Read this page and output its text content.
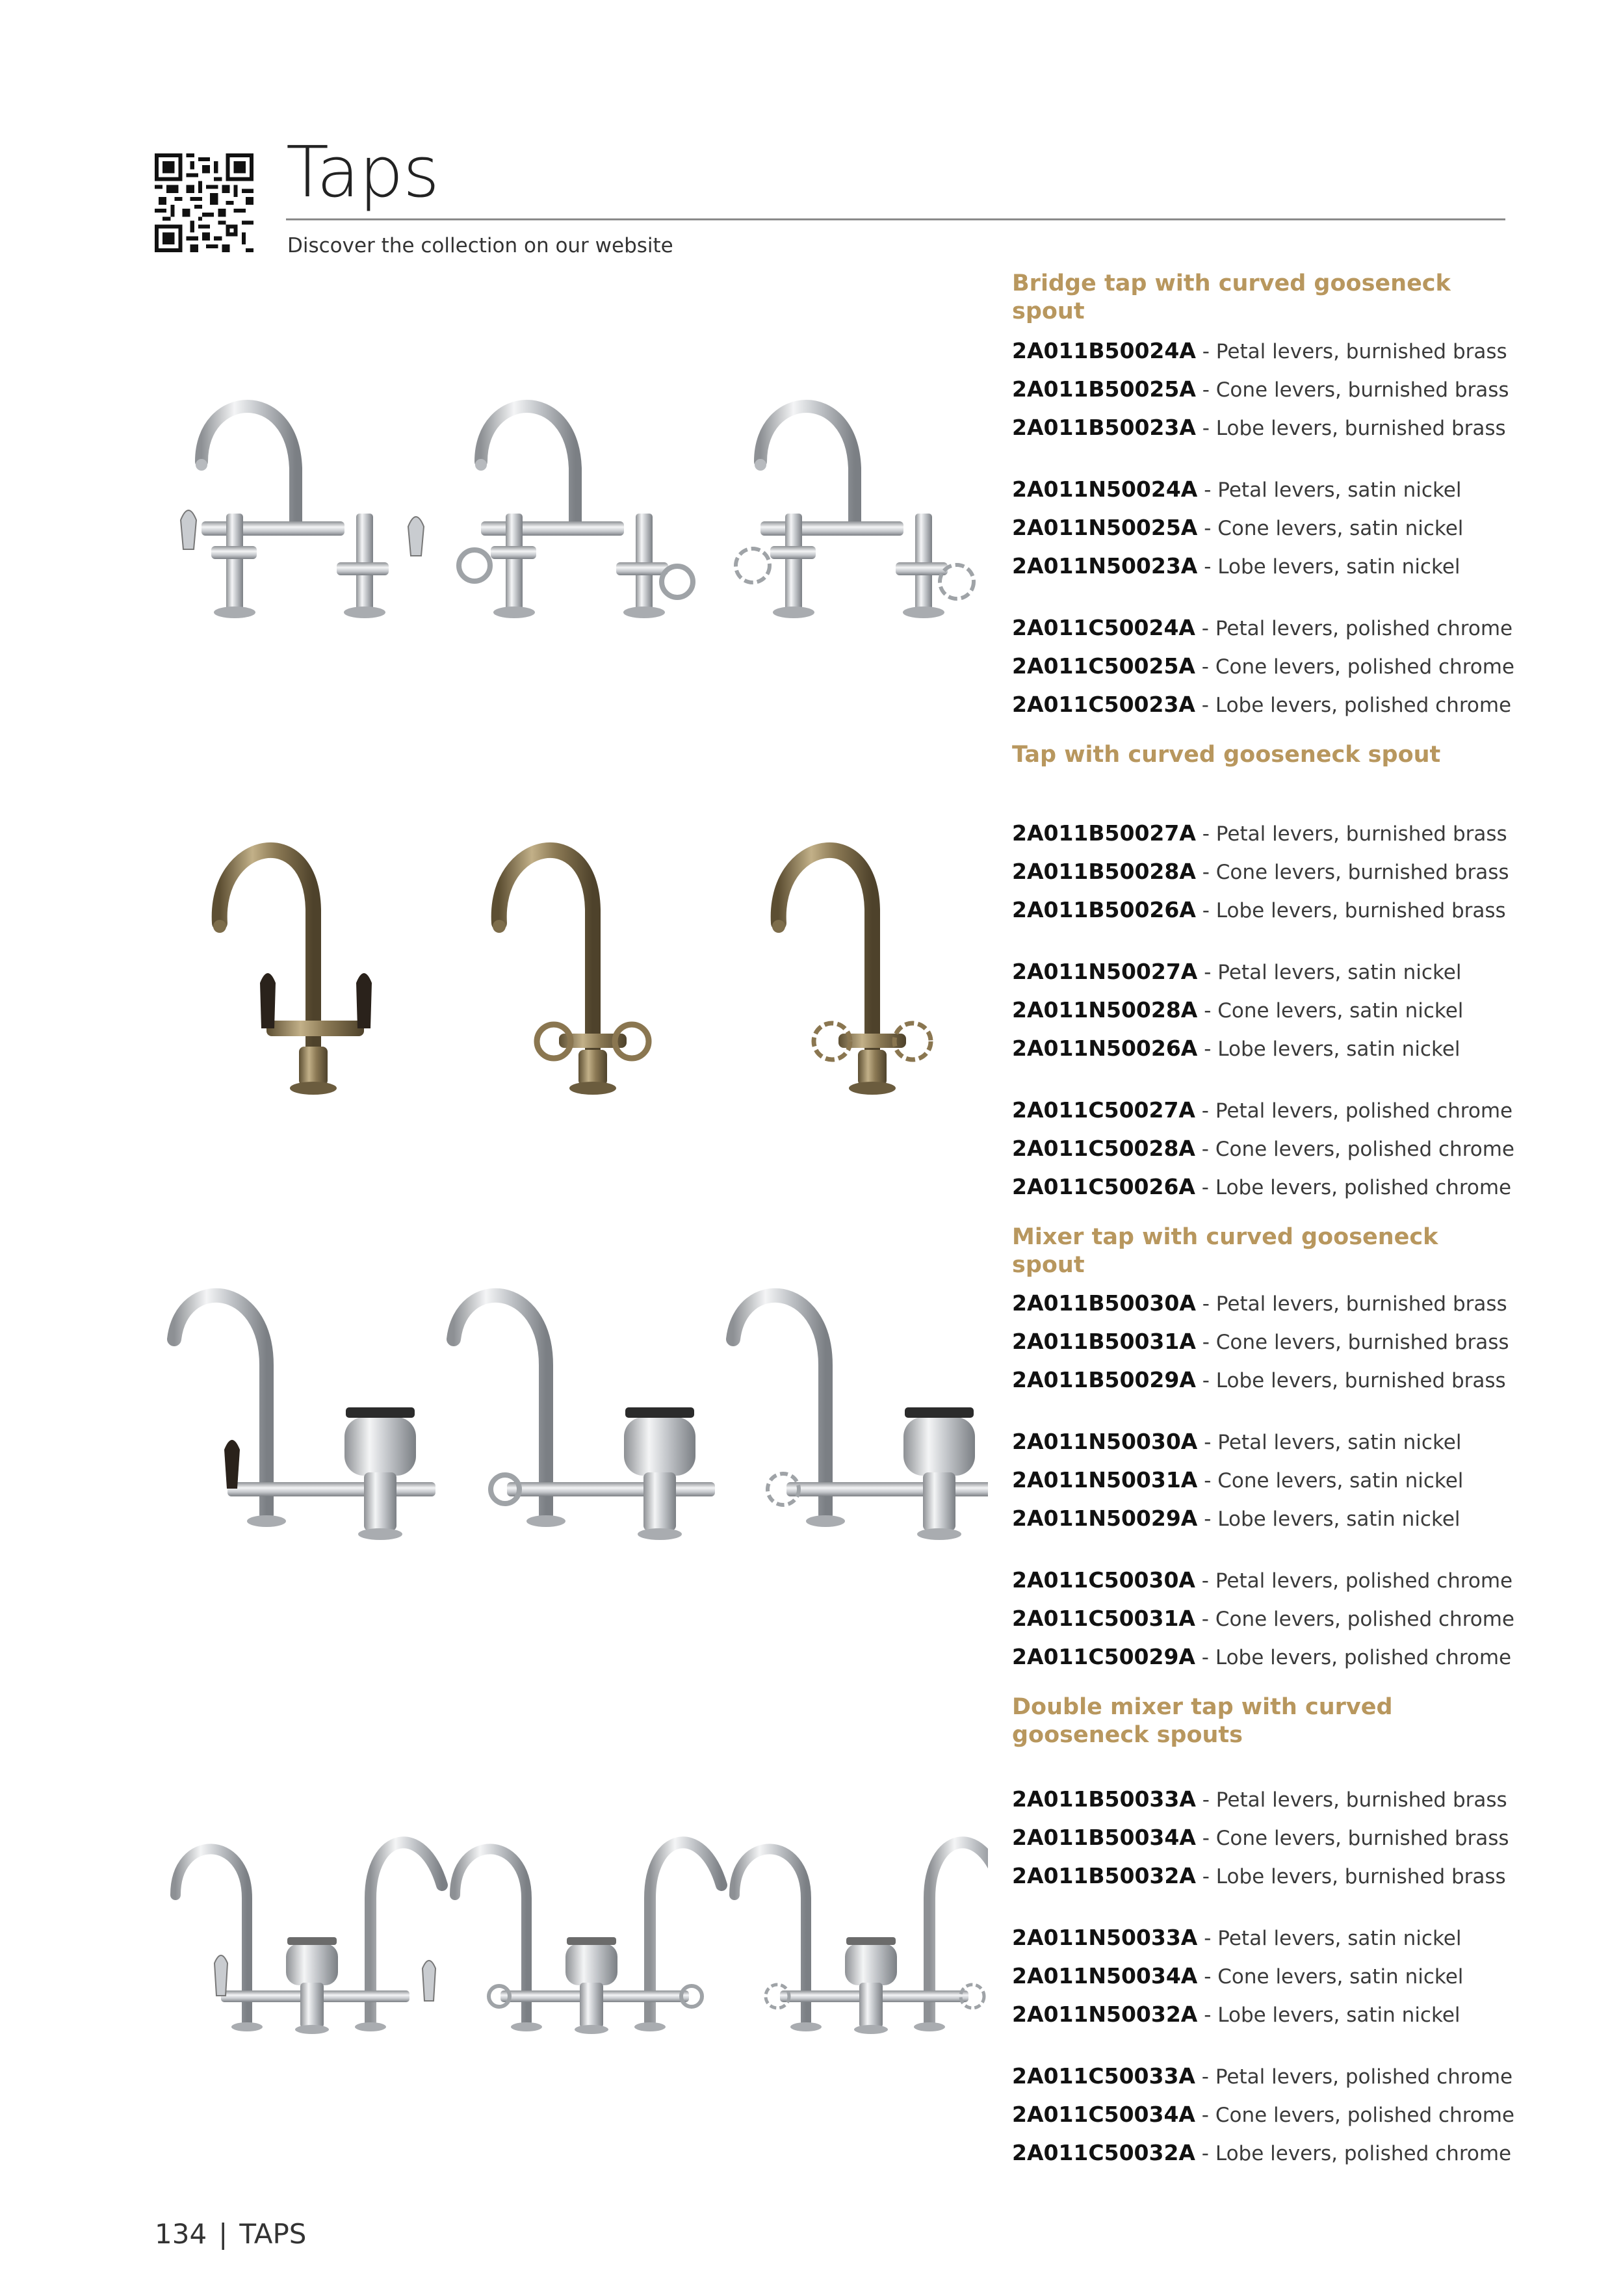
Taps
Discover the collection on our website
Bridge tap with curved gooseneck spout
2A011B50024A - Petal levers, burnished brass
2A011B50025A - Cone levers, burnished brass
2A011B50023A - Lobe levers, burnished brass
2A011N50024A - Petal levers, satin nickel
2A011N50025A - Cone levers, satin nickel
2A011N50023A - Lobe levers, satin nickel
2A011C50024A - Petal levers, polished chrome
2A011C50025A - Cone levers, polished chrome
2A011C50023A - Lobe levers, polished chrome
Tap with curved gooseneck spout
2A011B50027A - Petal levers, burnished brass
2A011B50028A - Cone levers, burnished brass
2A011B50026A - Lobe levers, burnished brass
2A011N50027A - Petal levers, satin nickel
2A011N50028A - Cone levers, satin nickel
2A011N50026A - Lobe levers, satin nickel
2A011C50027A - Petal levers, polished chrome
2A011C50028A - Cone levers, polished chrome
2A011C50026A - Lobe levers, polished chrome
Mixer tap with curved gooseneck spout
2A011B50030A - Petal levers, burnished brass
2A011B50031A - Cone levers, burnished brass
2A011B50029A - Lobe levers, burnished brass
2A011N50030A - Petal levers, satin nickel
2A011N50031A - Cone levers, satin nickel
2A011N50029A - Lobe levers, satin nickel
2A011C50030A - Petal levers, polished chrome
2A011C50031A - Cone levers, polished chrome
2A011C50029A - Lobe levers, polished chrome
Double mixer tap with curved gooseneck spouts
2A011B50033A - Petal levers, burnished brass
2A011B50034A - Cone levers, burnished brass
2A011B50032A - Lobe levers, burnished brass
2A011N50033A - Petal levers, satin nickel
2A011N50034A - Cone levers, satin nickel
2A011N50032A - Lobe levers, satin nickel
2A011C50033A - Petal levers, polished chrome
2A011C50034A - Cone levers, polished chrome
2A011C50032A - Lobe levers, polished chrome
134 | TAPS
